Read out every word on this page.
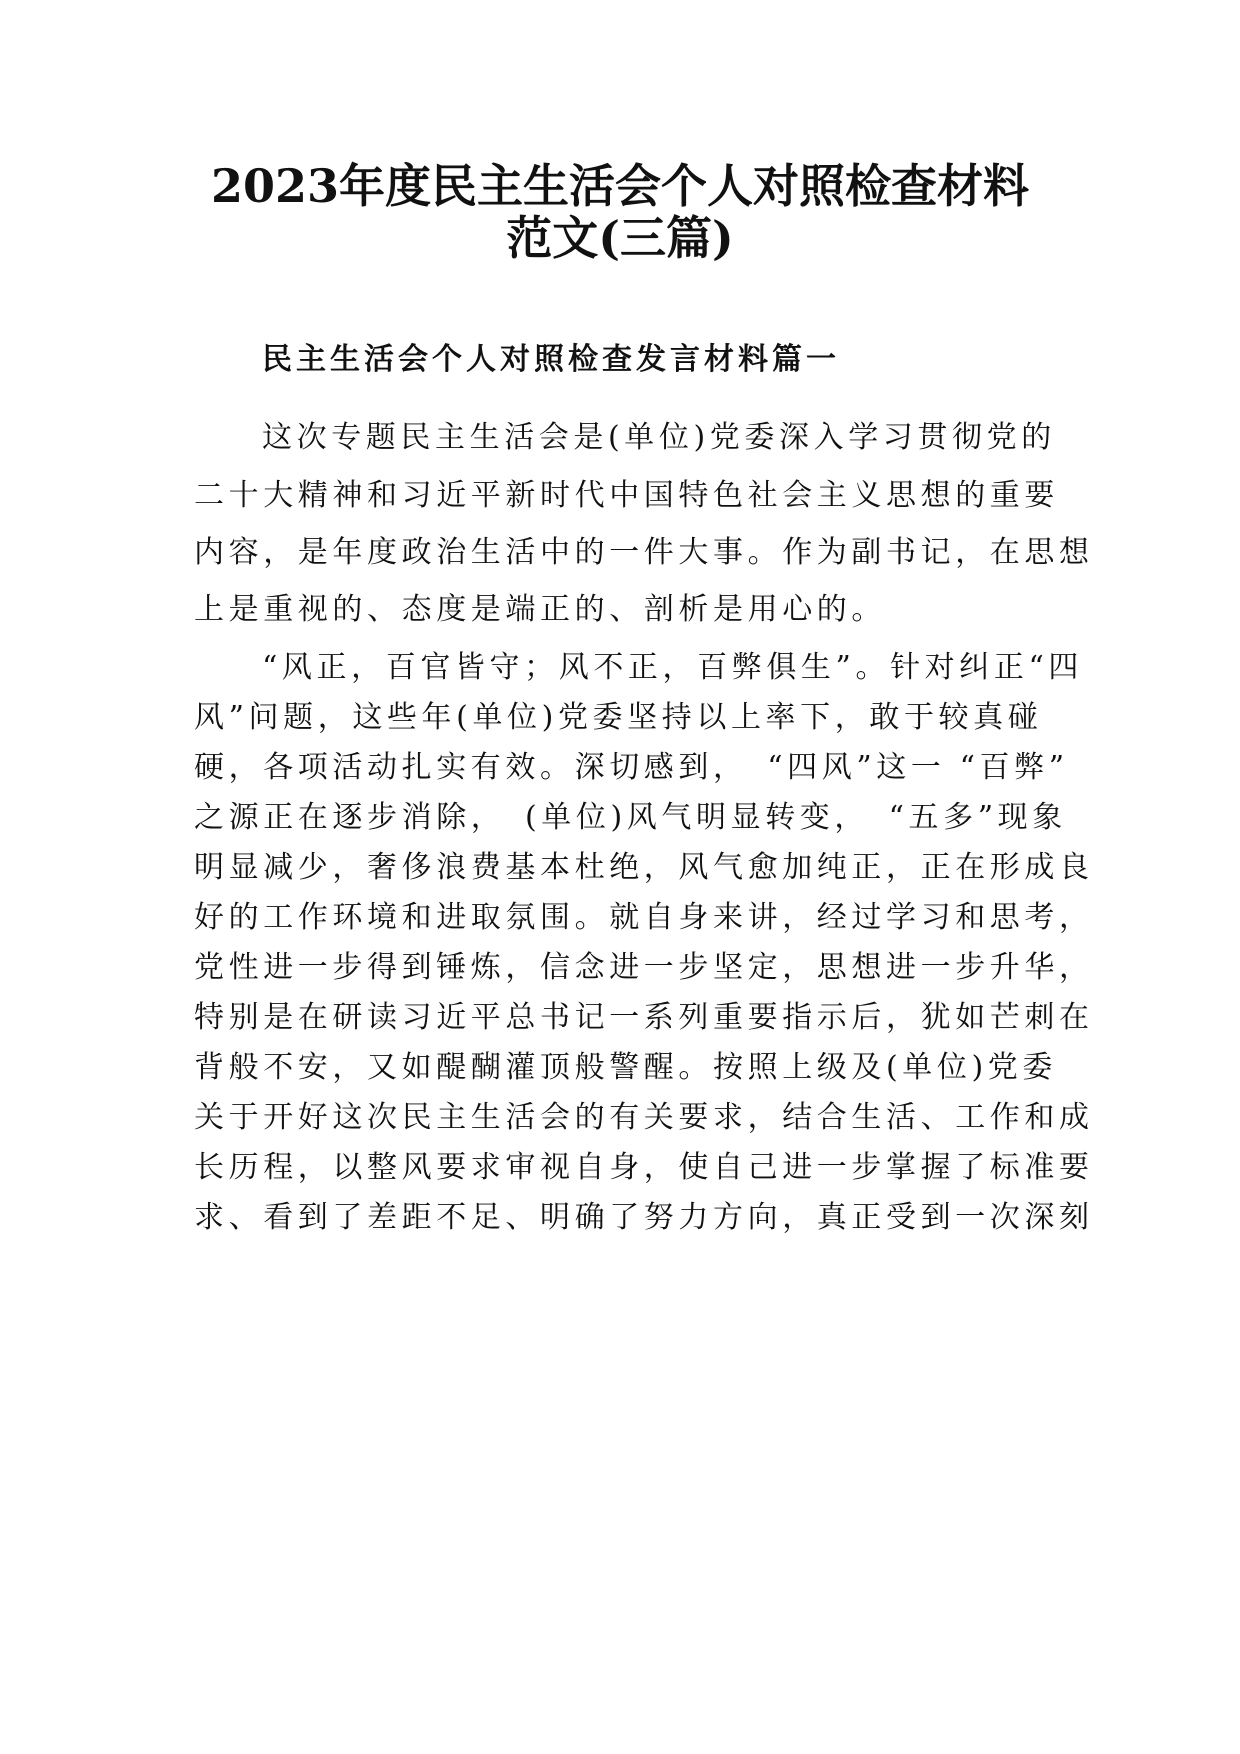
2023年度民主生活会个人对照检查材料
范文(三篇)
民主生活会个人对照检查发言材料篇一
这次专题民主生活会是(单位)党委深入学习贯彻党的
二十大精神和习近平新时代中国特色社会主义思想的重要
内容，是年度政治生活中的一件大事。作为副书记，在思想
上是重视的、态度是端正的、剖析是用心的。
“风正，百官皆守；风不正，百弊俱生”。针对纠正“四
风”问题，这些年(单位)党委坚持以上率下，敢于较真碰
硬，各项活动扎实有效。深切感到，　“四风”这一 “百弊”
之源正在逐步消除，　(单位)风气明显转变，　“五多”现象
明显减少，奢侈浪费基本杜绝，风气愈加纯正，正在形成良
好的工作环境和进取氛围。就自身来讲，经过学习和思考，
党性进一步得到锤炼，信念进一步坚定，思想进一步升华，
特别是在研读习近平总书记一系列重要指示后，犹如芒刺在
背般不安，又如醍醐灌顶般警醒。按照上级及(单位)党委
关于开好这次民主生活会的有关要求，结合生活、工作和成
长历程，以整风要求审视自身，使自己进一步掌握了标准要
求、看到了差距不足、明确了努力方向，真正受到一次深刻
